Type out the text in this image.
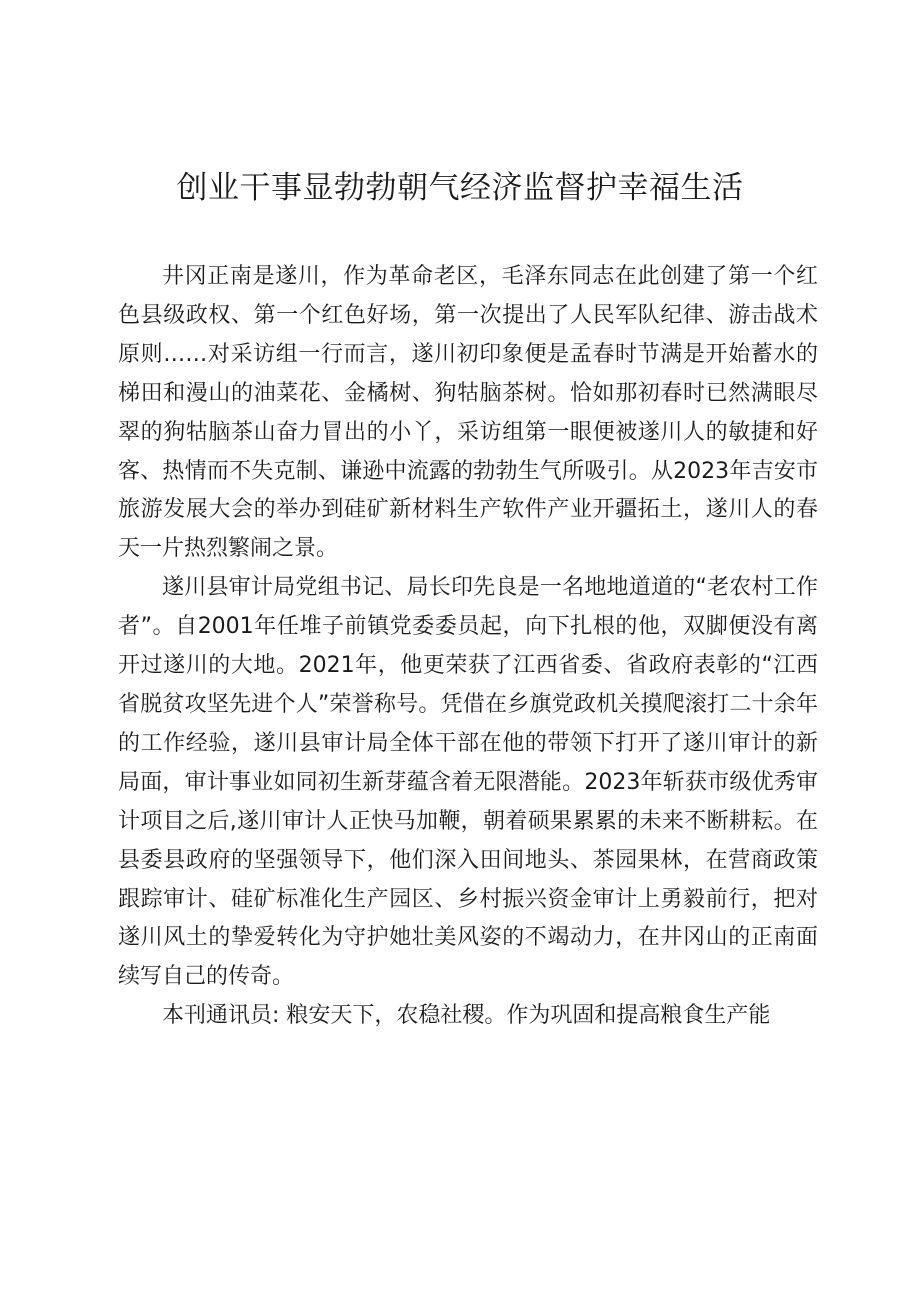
创业干事显勃勃朝气经济监督护幸福生活

井冈正南是遂川，作为革命老区，毛泽东同志在此创建了第一个红色县级政权、第一个红色好场，第一次提出了人民军队纪律、游击战术原则……对采访组一行而言，遂川初印象便是孟春时节满是开始蓄水的梯田和漫山的油菜花、金橘树、狗牯脑茶树。恰如那初春时已然满眼尽翠的狗牯脑茶山奋力冒出的小丫，采访组第一眼便被遂川人的敏捷和好客、热情而不失克制、谦逊中流露的勃勃生气所吸引。从2023年吉安市旅游发展大会的举办到硅矿新材料生产软件产业开疆拓土，遂川人的春天一片热烈繁闹之景。

遂川县审计局党组书记、局长印先良是一名地地道道的“老农村工作者”。自2001年任堆子前镇党委委员起，向下扎根的他，双脚便没有离开过遂川的大地。2021年，他更荣获了江西省委、省政府表彰的“江西省脱贫攻坚先进个人”荣誉称号。凭借在乡旗党政机关摸爬滚打二十余年的工作经验，遂川县审计局全体干部在他的带领下打开了遂川审计的新局面，审计事业如同初生新芽蕴含着无限潜能。2023年斩获市级优秀审计项目之后,遂川审计人正快马加鞭，朝着硕果累累的未来不断耕耘。在县委县政府的坚强领导下，他们深入田间地头、茶园果林，在营商政策跟踪审计、硅矿标准化生产园区、乡村振兴资金审计上勇毅前行，把对遂川风土的挚爱转化为守护她壮美风姿的不竭动力，在井冈山的正南面续写自己的传奇。

本刊通讯员: 粮安天下，农稳社稷。作为巩固和提高粮食生产能
